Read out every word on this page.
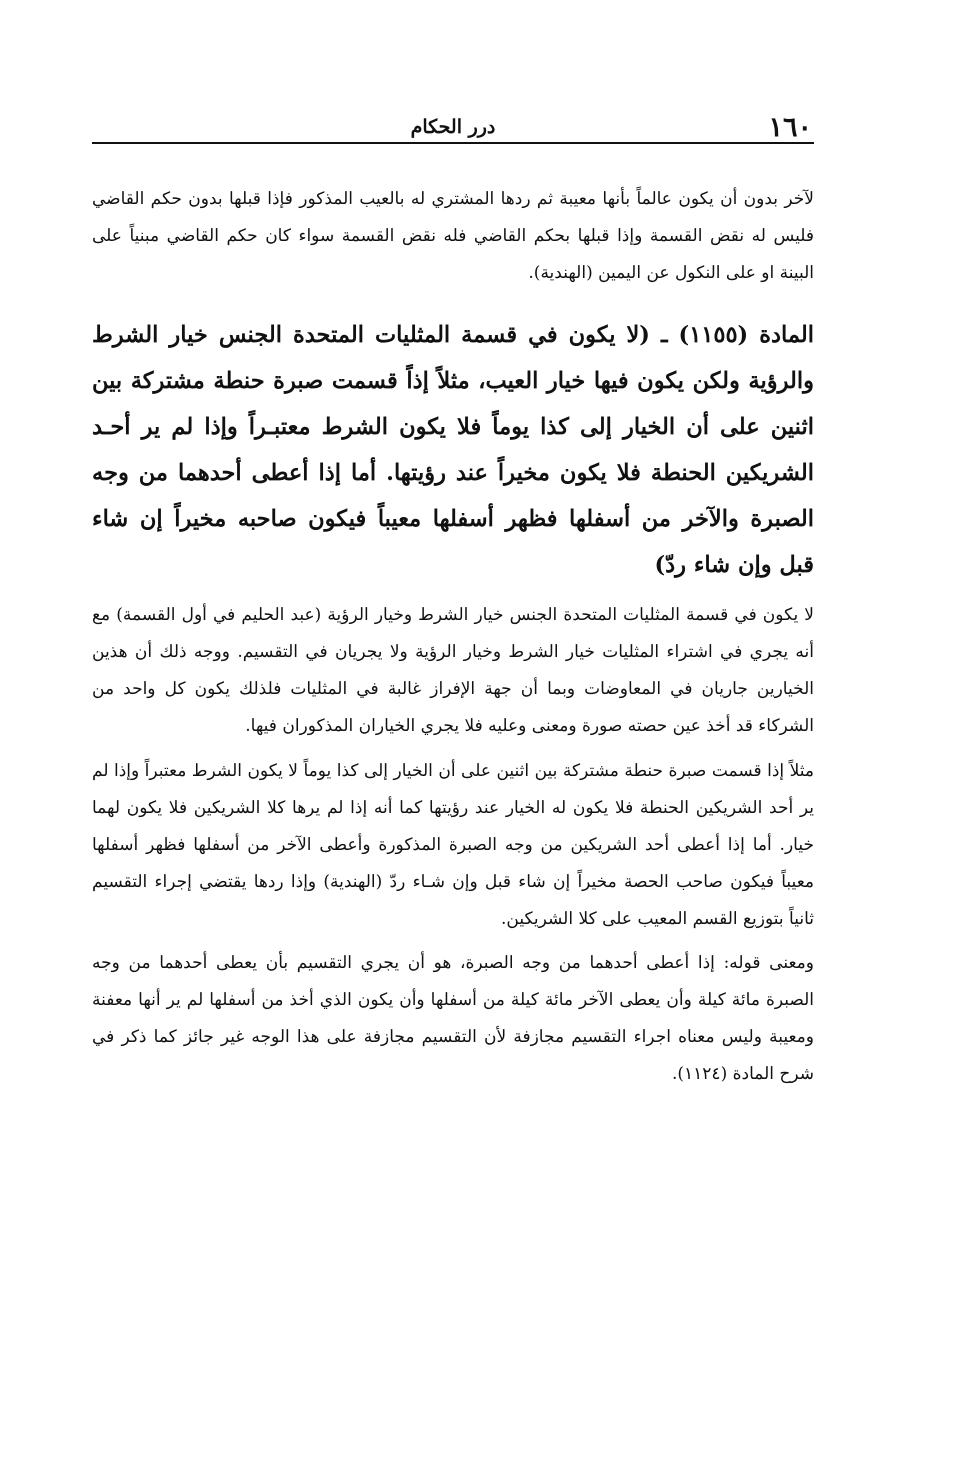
١٦٠
درر الحكام

لآخر بدون أن يكون عالماً بأنها معيبة ثم ردها المشتري له بالعيب المذكور فإذا قبلها بدون حكم القاضي فليس له نقض القسمة وإذا قبلها بحكم القاضي فله نقض القسمة سواء كان حكم القاضي مبنياً على البينة او على النكول عن اليمين (الهندية).

المادة (١١٥٥) ـ (لا يكون في قسمة المثليات المتحدة الجنس خيار الشرط والرؤية ولكن يكون فيها خيار العيب، مثلاً إذاً قسمت صبرة حنطة مشتركة بين اثنين على أن الخيار إلى كذا يوماً فلا يكون الشرط معتبـراً وإذا لم ير أحـد الشريكين الحنطة فلا يكون مخيراً عند رؤيتها. أما إذا أعطى أحدهما من وجه الصبرة والآخر من أسفلها فظهر أسفلها معيباً فيكون صاحبه مخيراً إن شاء قبل وإن شاء ردّ)

لا يكون في قسمة المثليات المتحدة الجنس خيار الشرط وخيار الرؤية (عبد الحليم في أول القسمة) مع أنه يجري في اشتراء المثليات خيار الشرط وخيار الرؤية ولا يجريان في التقسيم. ووجه ذلك أن هذين الخيارين جاريان في المعاوضات وبما أن جهة الإفراز غالبة في المثليات فلذلك يكون كل واحد من الشركاء قد أخذ عين حصته صورة ومعنى وعليه فلا يجري الخياران المذكوران فيها.

مثلاً إذا قسمت صبرة حنطة مشتركة بين اثنين على أن الخيار إلى كذا يوماً لا يكون الشرط معتبراً وإذا لم ير أحد الشريكين الحنطة فلا يكون له الخيار عند رؤيتها كما أنه إذا لم يرها كلا الشريكين فلا يكون لهما خيار. أما إذا أعطى أحد الشريكين من وجه الصبرة المذكورة وأعطى الآخر من أسفلها فظهر أسفلها معيباً فيكون صاحب الحصة مخيراً إن شاء قبل وإن شـاء ردّ (الهندية) وإذا ردها يقتضي إجراء التقسيم ثانياً بتوزيع القسم المعيب على كلا الشريكين.

ومعنى قوله: إذا أعطى أحدهما من وجه الصبرة، هو أن يجري التقسيم بأن يعطى أحدهما من وجه الصبرة مائة كيلة وأن يعطى الآخر مائة كيلة من أسفلها وأن يكون الذي أخذ من أسفلها لم ير أنها معفنة ومعيبة وليس معناه اجراء التقسيم مجازفة لأن التقسيم مجازفة على هذا الوجه غير جائز كما ذكر في شرح المادة (١١٢٤).
